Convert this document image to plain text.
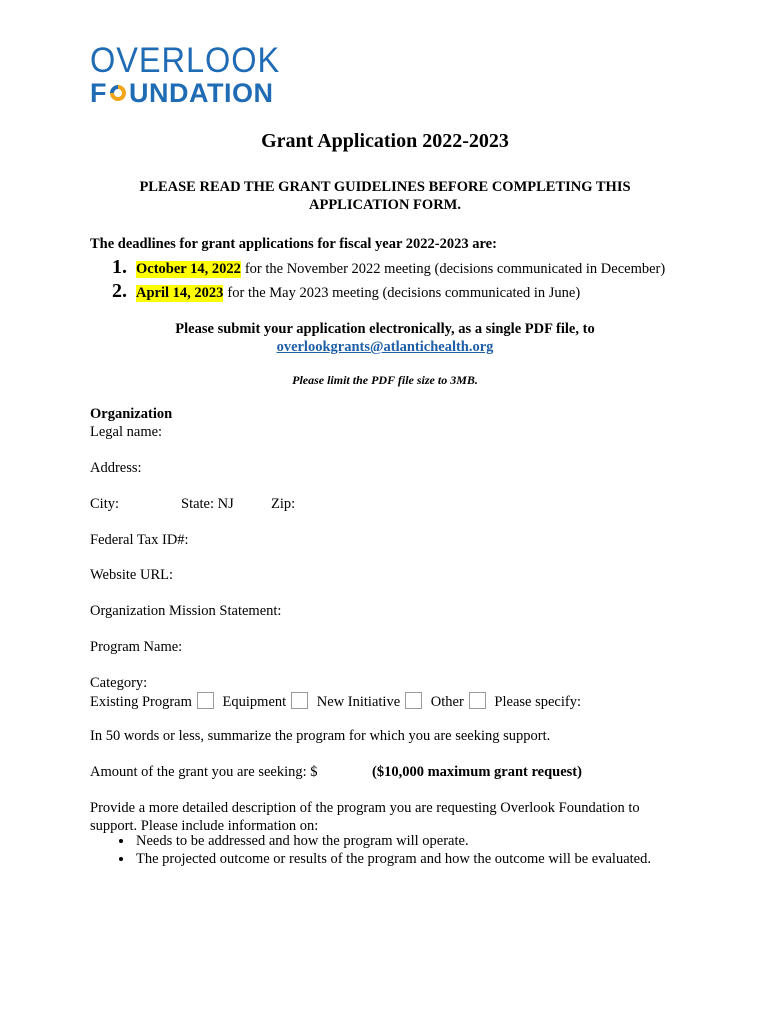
OVERLOOK
F UNDATION
Grant Application 2022-2023
PLEASE READ THE GRANT GUIDELINES BEFORE COMPLETING THIS APPLICATION FORM.
The deadlines for grant applications for fiscal year 2022-2023 are:
1. October 14, 2022 for the November 2022 meeting (decisions communicated in December)
2. April 14, 2023 for the May 2023 meeting (decisions communicated in June)
Please submit your application electronically, as a single PDF file, to
overlookgrants@atlantichealth.org
Please limit the PDF file size to 3MB.
Organization
Legal name:
Address:
City:	State: NJ	Zip:
Federal Tax ID#:
Website URL:
Organization Mission Statement:
Program Name:
Category:
Existing Program Equipment New Initiative Other Please specify:
In 50 words or less, summarize the program for which you are seeking support.
Amount of the grant you are seeking: $	($10,000 maximum grant request)
Provide a more detailed description of the program you are requesting Overlook Foundation to support. Please include information on:
• Needs to be addressed and how the program will operate.
• The projected outcome or results of the program and how the outcome will be evaluated.
